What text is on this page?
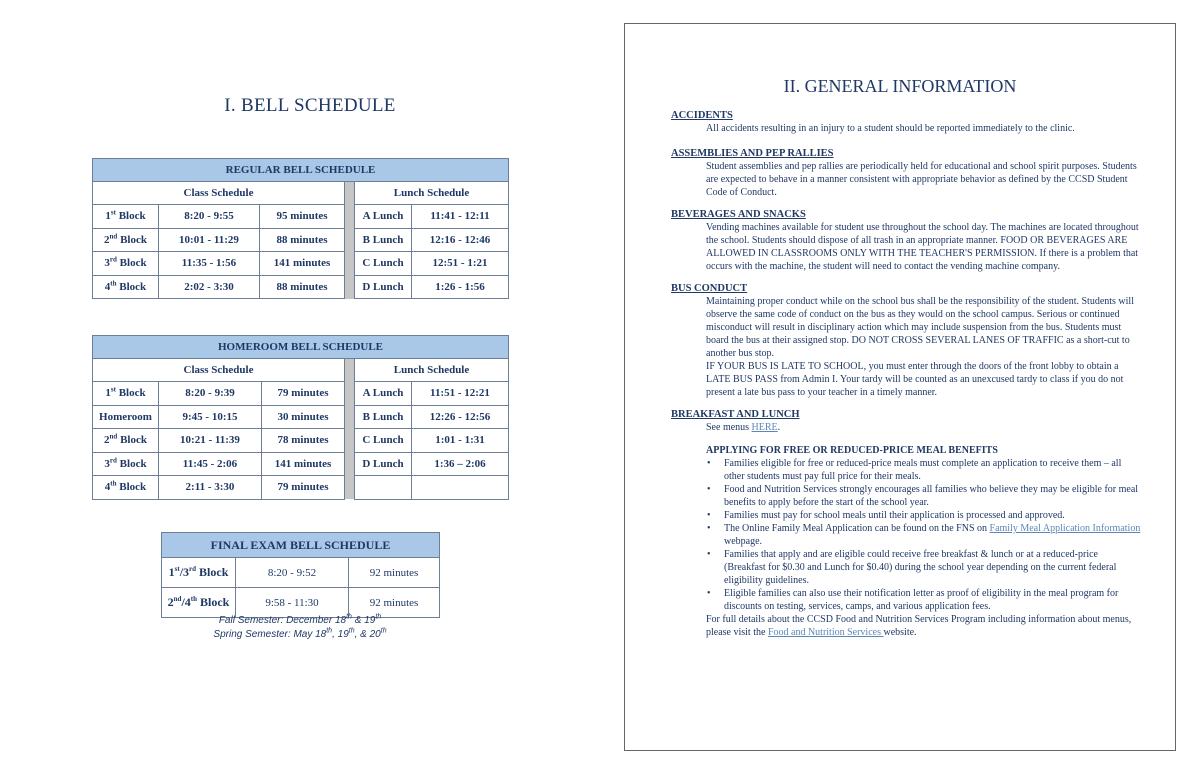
I. BELL SCHEDULE
REGULAR BELL SCHEDULE					
Class Schedule				Lunch Schedule	
1st Block	8:20 - 9:55	95 minutes		A Lunch	11:41 - 12:11
2nd Block	10:01 - 11:29	88 minutes		B Lunch	12:16 - 12:46
3rd Block	11:35 - 1:56	141 minutes		C Lunch	12:51 - 1:21
4th Block	2:02 - 3:30	88 minutes		D Lunch	1:26 - 1:56
HOMEROOM BELL SCHEDULE					
Class Schedule				Lunch Schedule	
1st Block	8:20 - 9:39	79 minutes		A Lunch	11:51 - 12:21
Homeroom	9:45 - 10:15	30 minutes		B Lunch	12:26 - 12:56
2nd Block	10:21 - 11:39	78 minutes		C Lunch	1:01 - 1:31
3rd Block	11:45 - 2:06	141 minutes		D Lunch	1:36 – 2:06
4th Block	2:11 - 3:30	79 minutes			
FINAL EXAM BELL SCHEDULE		
1st/3rd Block	8:20 - 9:52	92 minutes
2nd/4th Block	9:58 - 11:30	92 minutes
Fall Semester: December 18th & 19th
Spring Semester: May 18th, 19th, & 20th
II. GENERAL INFORMATION
ACCIDENTS
All accidents resulting in an injury to a student should be reported immediately to the clinic.
ASSEMBLIES AND PEP RALLIES
Student assemblies and pep rallies are periodically held for educational and school spirit purposes. Students are expected to behave in a manner consistent with appropriate behavior as defined by the CCSD Student Code of Conduct.
BEVERAGES AND SNACKS
Vending machines available for student use throughout the school day. The machines are located throughout the school. Students should dispose of all trash in an appropriate manner. FOOD OR BEVERAGES ARE ALLOWED IN CLASSROOMS ONLY WITH THE TEACHER'S PERMISSION. If there is a problem that occurs with the machine, the student will need to contact the vending machine company.
BUS CONDUCT
Maintaining proper conduct while on the school bus shall be the responsibility of the student. Students will observe the same code of conduct on the bus as they would on the school campus. Serious or continued misconduct will result in disciplinary action which may include suspension from the bus. Students must board the bus at their assigned stop. DO NOT CROSS SEVERAL LANES OF TRAFFIC as a short-cut to another bus stop.
IF YOUR BUS IS LATE TO SCHOOL, you must enter through the doors of the front lobby to obtain a LATE BUS PASS from Admin I. Your tardy will be counted as an unexcused tardy to class if you do not present a late bus pass to your teacher in a timely manner.
BREAKFAST AND LUNCH
See menus HERE.
APPLYING FOR FREE OR REDUCED-PRICE MEAL BENEFITS
• Families eligible for free or reduced-price meals must complete an application to receive them – all other students must pay full price for their meals.
• Food and Nutrition Services strongly encourages all families who believe they may be eligible for meal benefits to apply before the start of the school year.
• Families must pay for school meals until their application is processed and approved.
• The Online Family Meal Application can be found on the FNS on Family Meal Application Information webpage.
• Families that apply and are eligible could receive free breakfast & lunch or at a reduced-price (Breakfast for $0.30 and Lunch for $0.40) during the school year depending on the current federal eligibility guidelines.
• Eligible families can also use their notification letter as proof of eligibility in the meal program for discounts on testing, services, camps, and various application fees.
For full details about the CCSD Food and Nutrition Services Program including information about menus, please visit the Food and Nutrition Services website.
